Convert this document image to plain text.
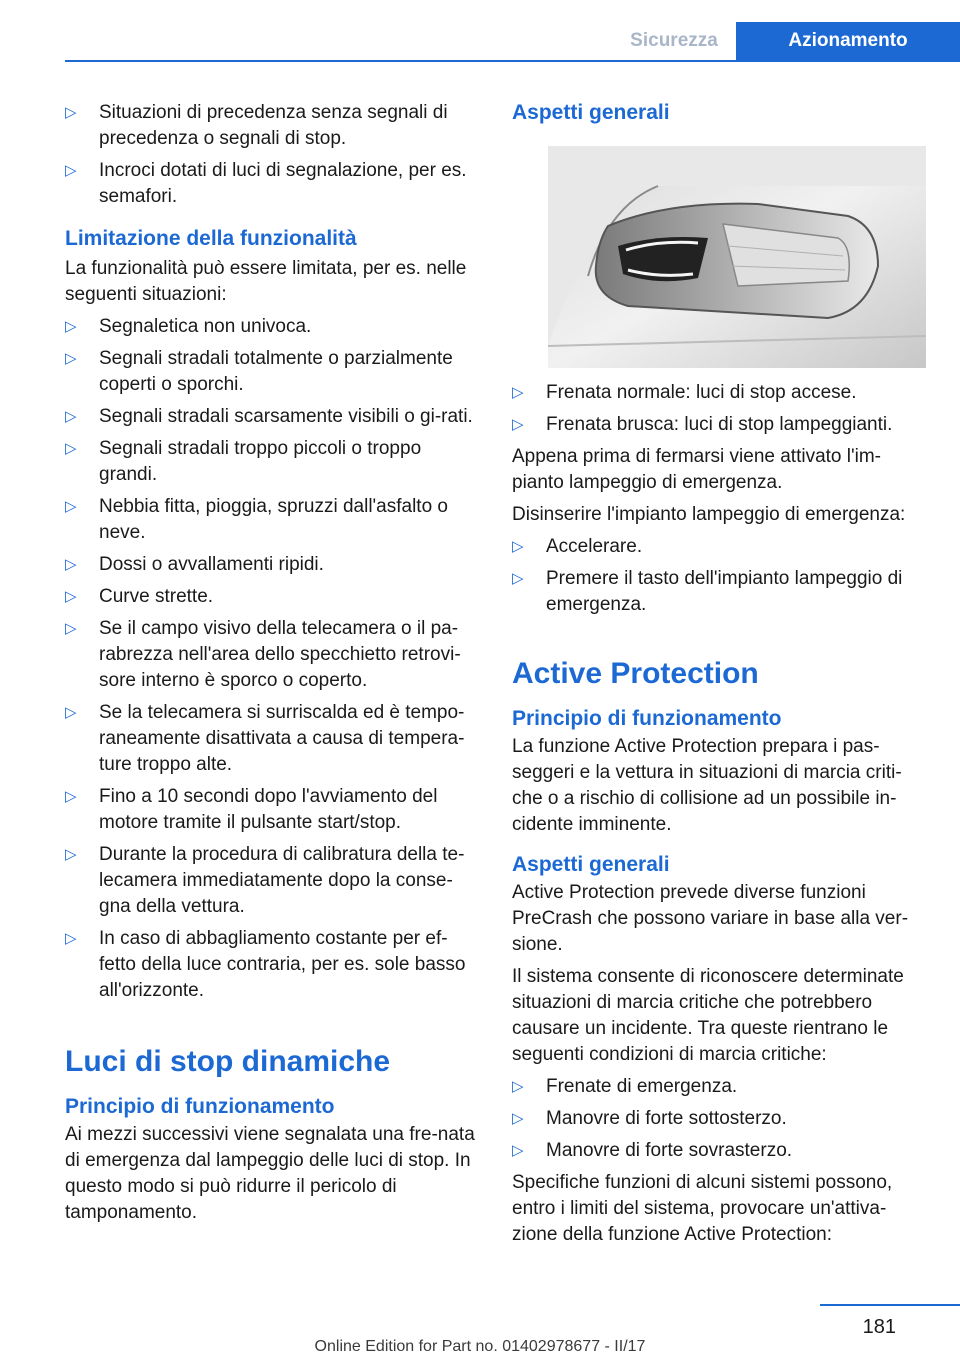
Sicurezza	Azionamento
▷ Situazioni di precedenza senza segnali di precedenza o segnali di stop.
▷ Incroci dotati di luci di segnalazione, per es. semafori.
Limitazione della funzionalità

La funzionalità può essere limitata, per es. nelle seguenti situazioni:

▷ Segnaletica non univoca.
▷ Segnali stradali totalmente o parzialmente coperti o sporchi.
▷ Segnali stradali scarsamente visibili o gi-rati.
▷ Segnali stradali troppo piccoli o troppo grandi.
▷ Nebbia fitta, pioggia, spruzzi dall'asfalto o neve.
▷ Dossi o avvallamenti ripidi.
▷ Curve strette.
▷ Se il campo visivo della telecamera o il pa-rabrezza nell'area dello specchietto retrovi-sore interno è sporco o coperto.
▷ Se la telecamera si surriscalda ed è tempo-raneamente disattivata a causa di tempera-ture troppo alte.
▷ Fino a 10 secondi dopo l'avviamento del motore tramite il pulsante start/stop.
▷ Durante la procedura di calibratura della te-lecamera immediatamente dopo la conse-gna della vettura.
▷ In caso di abbagliamento costante per ef-fetto della luce contraria, per es. sole basso all'orizzonte.
Luci di stop dinamiche
Principio di funzionamento

Ai mezzi successivi viene segnalata una fre-nata di emergenza dal lampeggio delle luci di stop. In questo modo si può ridurre il pericolo di tamponamento.

Aspetti generali
▷ Frenata normale: luci di stop accese.
▷ Frenata brusca: luci di stop lampeggianti.

Appena prima di fermarsi viene attivato l'im-pianto lampeggio di emergenza.

Disinserire l'impianto lampeggio di emergenza:

▷ Accelerare.
▷ Premere il tasto dell'impianto lampeggio di emergenza.
Active Protection
Principio di funzionamento

La funzione Active Protection prepara i pas-seggeri e la vettura in situazioni di marcia criti-che o a rischio di collisione ad un possibile in-cidente imminente.

Aspetti generali

Active Protection prevede diverse funzioni PreCrash che possono variare in base alla ver-sione.

Il sistema consente di riconoscere determinate situazioni di marcia critiche che potrebbero causare un incidente. Tra queste rientrano le seguenti condizioni di marcia critiche:

▷ Frenate di emergenza.
▷ Manovre di forte sottosterzo.
▷ Manovre di forte sovrasterzo.

Specifiche funzioni di alcuni sistemi possono, entro i limiti del sistema, provocare un'attiva-zione della funzione Active Protection:

181
Online Edition for Part no. 01402978677 - II/17
